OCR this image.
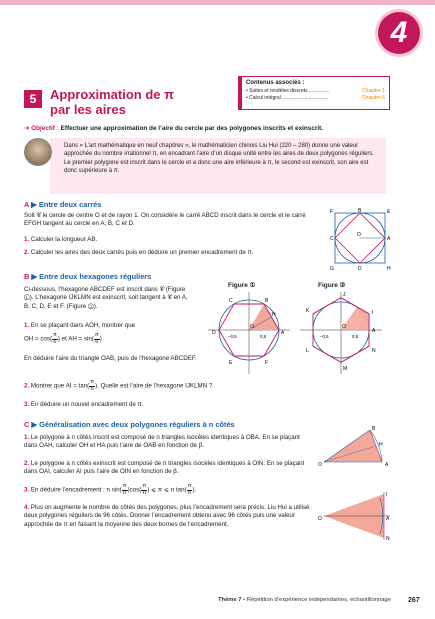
4
Contenus associés :
• Suites et modèles discrets ...............	Chapitre 1
• Calcul intégral .................................	Chapitre 6
5	Approximation de π
par les aires
➜ Objectif : Effectuer une approximation de l’aire du cercle par des polygones inscrits et exinscrit.
Dans « L’art mathématique en neuf chapitres », le mathématicien chinois Liu Hui (220 – 280) donne une valeur approchée du nombre irrationnel π, en encadrant l’aire d’un disque unité entre les aires de deux polygones réguliers. Le premier polygone est inscrit dans le cercle et a donc une aire inférieure à π, le second est exinscrit, son aire est donc supérieure à π.
A ▶ Entre deux carrés
Soit 𝒞 le cercle de centre O et de rayon 1. On considère le carré ABCD inscrit dans le cercle et le carré EFGH tangent au cercle en A, B, C et D.
1. Calculer la longueur AB.
2. Calculer les aires des deux carrés puis en déduire un premier encadrement de π.
O
A
B
C
D
E
F
G	H
B ▶ Entre deux hexagones réguliers
Ci-dessous, l’hexagone ABCDEF est inscrit dans 𝒞 (Figure ①). L’hexagone IJKLMN est exinscrit, soit tangent à 𝒞 en A, B, C, D, E et F. (Figure ②).
1. En se plaçant dans AOH, montrer que
OH = $\cos( \frac{\pi}{6}$ ) et AH = $\sin( \frac{\pi}{6}$ )
En déduire l’aire du triangle OAB, puis de l’hexagone ABCDEF.
2. Montrer que AI = $\tan( \frac{\pi}{6}$ ). Quelle est l’aire de l’hexagone IJKLMN ?
3. En déduire un nouvel encadrement de π.
Figure ①
O
A
B
C
D
E	F
H
–0,5	0,5
Figure ②
O
A
I
J
K
L
M
N
–0,5	0,5
C ▶ Généralisation avec deux polygones réguliers à n côtés
1. Le polygone à n côtés inscrit est composé de n triangles isocèles identiques à OBA. En se plaçant dans OAH, calculer OH et HA puis l’aire de OAB en fonction de β.
2. Le polygone à n côtés exinscrit est composé de n triangles isocèles identiques à OIN. En se plaçant dans OAI, calculer AI puis l’aire de OIN en fonction de β.
3. En déduire l’encadrement : n $\sin( \frac{\pi}{n} )\cos( \frac{\pi}{n}$ ) ⩽ π ⩽ n $\tan( \frac{\pi}{n}$ ).
4. Plus on augmente le nombre de côtés des polygones, plus l’encadrement sera précis. Liu Hui a utilisé deux polygones réguliers de 96 côtés. Donner l’encadrement obtenu avec 96 côtés puis une valeur approchée de π en faisant la moyenne des deux bornes de l’encadrement.
O	A
B
H
O
I
A
N
Thème 7 • Répétition d’expérience indépendantes, échantillonnage 267
